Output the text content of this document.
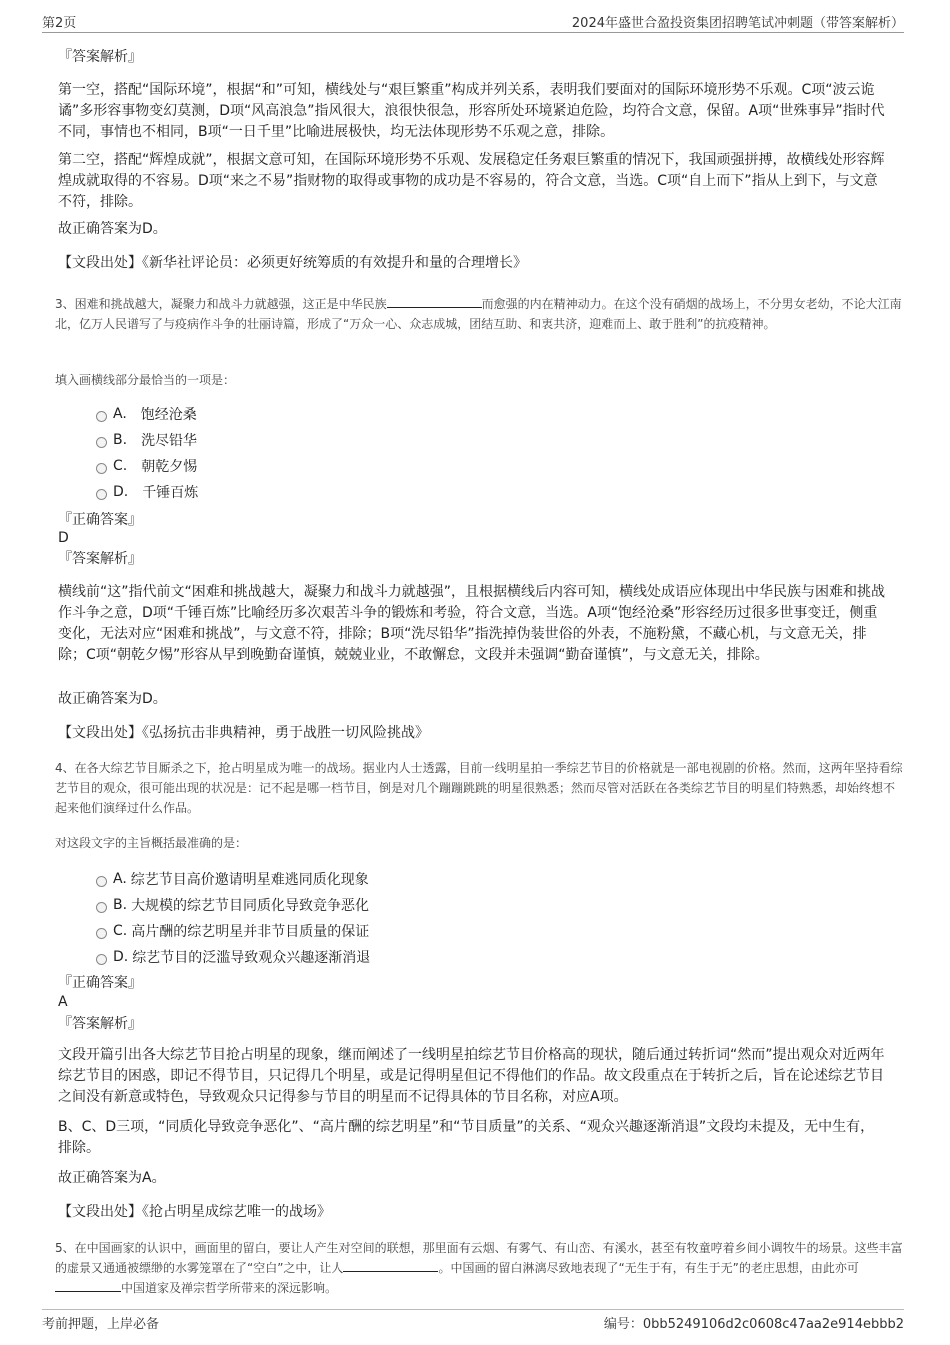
第2页	2024年盛世合盈投资集团招聘笔试冲刺题（带答案解析）
『答案解析』
第一空，搭配“国际环境”，根据“和”可知，横线处与“艰巨繁重”构成并列关系，表明我们要面对的国际环境形势不乐观。C项“波云诡谲”多形容事物变幻莫测，D项“风高浪急”指风很大，浪很快很急，形容所处环境紧迫危险，均符合文意，保留。A项“世殊事异”指时代不同，事情也不相同，B项“一日千里”比喻进展极快，均无法体现形势不乐观之意，排除。
第二空，搭配“辉煌成就”，根据文意可知，在国际环境形势不乐观、发展稳定任务艰巨繁重的情况下，我国顽强拼搏，故横线处形容辉煌成就取得的不容易。D项“来之不易”指财物的取得或事物的成功是不容易的，符合文意，当选。C项“自上而下”指从上到下，与文意不符，排除。
故正确答案为D。
【文段出处】《新华社评论员：必须更好统筹质的有效提升和量的合理增长》
3、困难和挑战越大，凝聚力和战斗力就越强，这正是中华民族	而愈强的内在精神动力。在这个没有硝烟的战场上，不分男女老幼，不论大江南北，亿万人民谱写了与疫病作斗争的壮丽诗篇，形成了“万众一心、众志成城，团结互助、和衷共济，迎难而上、敢于胜利”的抗疫精神。
填入画横线部分最恰当的一项是：
A. 饱经沧桑
B. 洗尽铅华
C. 朝乾夕惕
D. 千锤百炼
『正确答案』
D
『答案解析』
横线前“这”指代前文“困难和挑战越大，凝聚力和战斗力就越强”，且根据横线后内容可知，横线处成语应体现出中华民族与困难和挑战作斗争之意，D项“千锤百炼”比喻经历多次艰苦斗争的锻炼和考验，符合文意，当选。A项“饱经沧桑”形容经历过很多世事变迁，侧重变化，无法对应“困难和挑战”，与文意不符，排除；B项“洗尽铅华”指洗掉伪装世俗的外表，不施粉黛，不藏心机，与文意无关，排除；C项“朝乾夕惕”形容从早到晚勤奋谨慎，兢兢业业，不敢懈怠，文段并未强调“勤奋谨慎”，与文意无关，排除。
故正确答案为D。
【文段出处】《弘扬抗击非典精神，勇于战胜一切风险挑战》
4、在各大综艺节目厮杀之下，抢占明星成为唯一的战场。据业内人士透露，目前一线明星拍一季综艺节目的价格就是一部电视剧的价格。然而，这两年坚持看综艺节目的观众，很可能出现的状况是：记不起是哪一档节目，倒是对几个蹦蹦跳跳的明星很熟悉；然而尽管对活跃在各类综艺节目的明星们特熟悉，却始终想不起来他们演绎过什么作品。
对这段文字的主旨概括最准确的是：
A. 综艺节目高价邀请明星难逃同质化现象
B. 大规模的综艺节目同质化导致竞争恶化
C. 高片酬的综艺明星并非节目质量的保证
D. 综艺节目的泛滥导致观众兴趣逐渐消退
『正确答案』
A
『答案解析』
文段开篇引出各大综艺节目抢占明星的现象，继而阐述了一线明星拍综艺节目价格高的现状，随后通过转折词“然而”提出观众对近两年综艺节目的困惑，即记不得节目，只记得几个明星，或是记得明星但记不得他们的作品。故文段重点在于转折之后，旨在论述综艺节目之间没有新意或特色，导致观众只记得参与节目的明星而不记得具体的节目名称，对应A项。
B、C、D三项，“同质化导致竞争恶化”、“高片酬的综艺明星”和“节目质量”的关系、“观众兴趣逐渐消退”文段均未提及，无中生有，排除。
故正确答案为A。
【文段出处】《抢占明星成综艺唯一的战场》
5、在中国画家的认识中，画面里的留白，要让人产生对空间的联想，那里面有云烟、有雾气、有山峦、有溪水，甚至有牧童哼着乡间小调牧牛的场景。这些丰富的虚景又通通被缥缈的水雾笼罩在了“空白”之中，让人	。中国画的留白淋漓尽致地表现了“无生于有，有生于无”的老庄思想，由此亦可中国道家及禅宗哲学所带来的深远影响。
考前押题，上岸必备	编号：0bb5249106d2c0608c47aa2e914ebbb2
